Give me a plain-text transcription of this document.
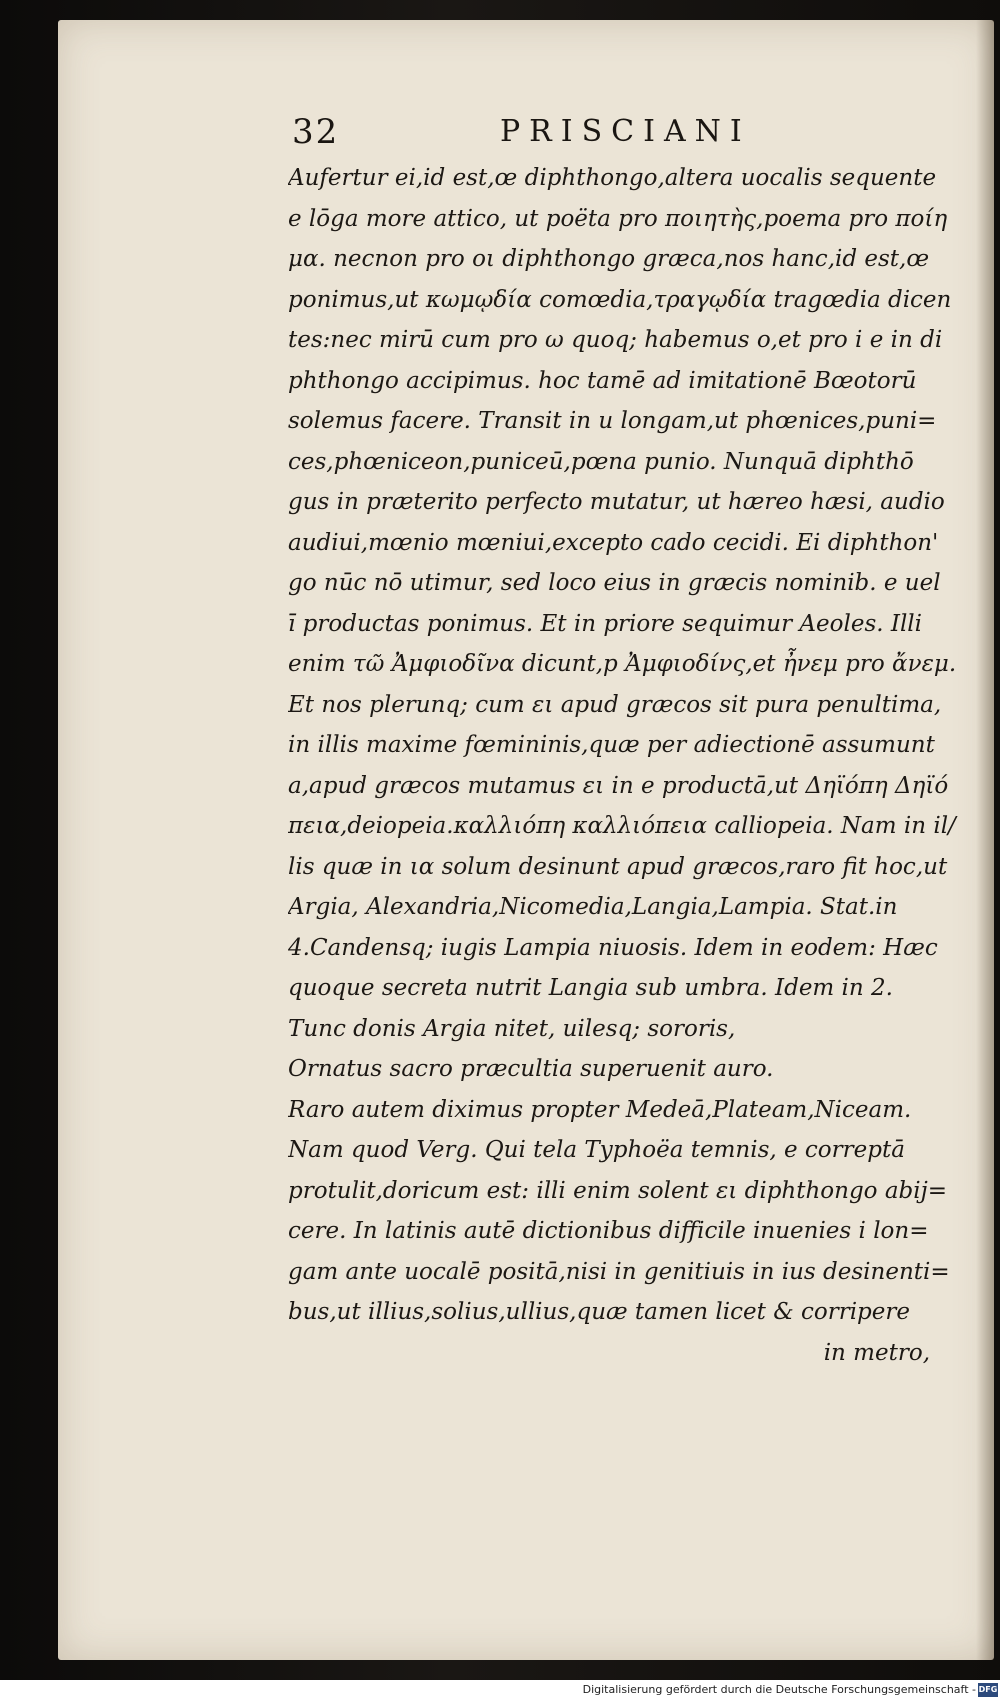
32	PRISCIANI
Aufertur ei,id est,œ diphthongo,altera uocalis sequente
e lōga more attico, ut poëta pro ποιητὴς,poema pro ποίη
μα. necnon pro οι diphthongo græca,nos hanc,id est,œ
ponimus,ut κωμῳδία comœdia,τραγῳδία tragœdia dicen
tes:nec mirū cum pro ω quoq; habemus o,et pro i e in di
phthongo accipimus. hoc tamē ad imitationē Bœotorū
solemus facere. Transit in u longam,ut phœnices,puni=
ces,phœniceon,puniceū,pœna punio. Nunquā diphthō
gus in præterito perfecto mutatur, ut hæreo hæsi, audio
audiui,mœnio mœniui,excepto cado cecidi. Ei diphthon'
go nūc nō utimur, sed loco eius in græcis nominib. e uel
ī productas ponimus. Et in priore sequimur Aeoles. Illi
enim τῶ Ἀμφιοδῖνα dicunt,p Ἀμφιοδίνς,et ἦνεμ pro ἄνεμ.
Et nos plerunq; cum ει apud græcos sit pura penultima,
in illis maxime fœmininis,quæ per adiectionē assumunt
a,apud græcos mutamus ει in e productā,ut Δηϊόπη Δηϊό
πεια,deiopeia.καλλιόπη καλλιόπεια calliopeia. Nam in il/
lis quæ in ια solum desinunt apud græcos,raro fit hoc,ut
Argia, Alexandria,Nicomedia,Langia,Lampia. Stat.in
4.Candensq; iugis Lampia niuosis. Idem in eodem: Hæc
quoque secreta nutrit Langia sub umbra. Idem in 2.
Tunc donis Argia nitet, uilesq; sororis,
Ornatus sacro præcultia superuenit auro.
Raro autem diximus propter Medeā,Plateam,Niceam.
Nam quod Verg. Qui tela Typhoëa temnis, e correptā
protulit,doricum est: illi enim solent ει diphthongo abij=
cere. In latinis autē dictionibus difficile inuenies i lon=
gam ante uocalē positā,nisi in genitiuis in ius desinenti=
bus,ut illius,solius,ullius,quæ tamen licet & corripere
in metro,
Digitalisierung gefördert durch die Deutsche Forschungsgemeinschaft - DFG
